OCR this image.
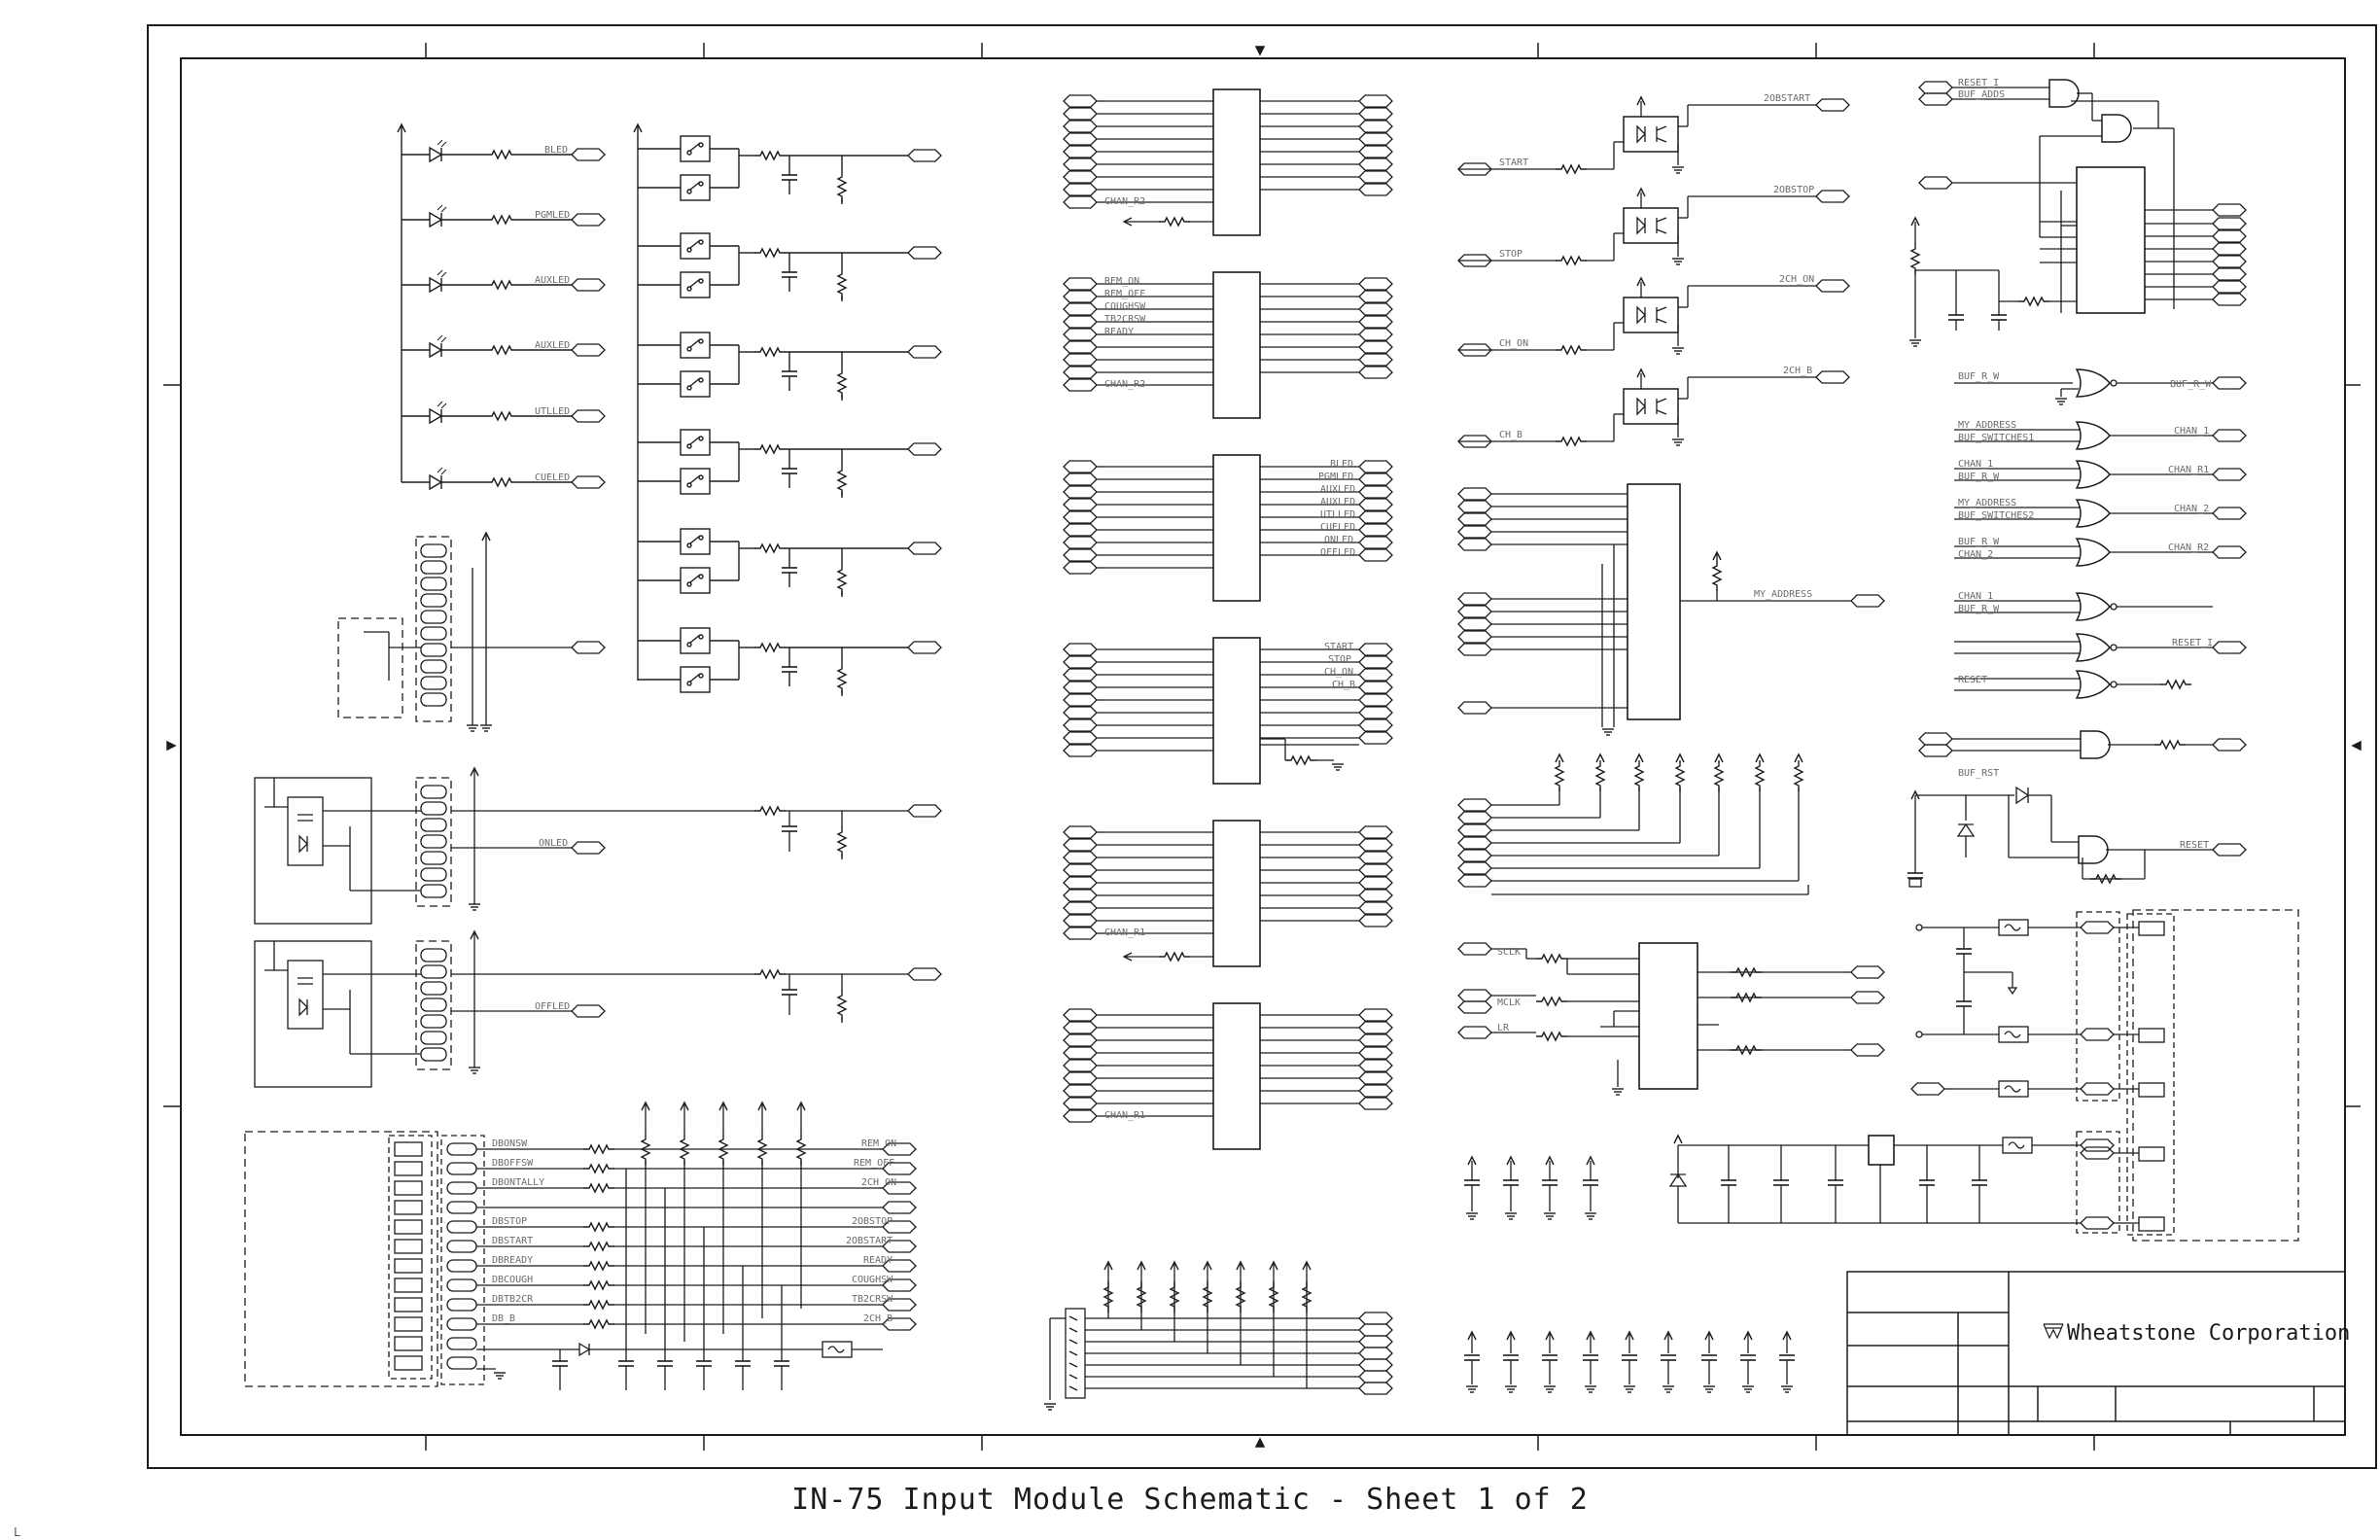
BLED
PGMLED
AUXLED
AUXLED
UTLLED
CUELED
ONLED
OFFLED
DBONSW
DBOFFSW
DBONTALLY
DBSTOP
DBSTART
DBREADY
DBCOUGH
DBTB2CR
DB_B
REM_ON
REM_OFF
2CH_ON
2OBSTOP
2OBSTART
READY
COUGHSW
TB2CRSW
2CH_B
CHAN_R2
REM_ON
REM_OFF
COUGHSW
TB2CRSW
READY
CHAN_R2
BLED
PGMLED
AUXLED
AUXLED
UTLLED
CUELED
ONLED
OFFLED
START
STOP
CH_ON
CH_B
CHAN_R1
CHAN_R1
START
STOP
CH_ON
CH_B
2OBSTART
2OBSTOP
2CH_ON
2CH_B
MY_ADDRESS
SCLK
MCLK
LR
RESET_I
BUF_ADDS
BUF_R_W
BUF_R_W
MY_ADDRESS
BUF_SWITCHES1
CHAN_1
CHAN_1
BUF_R_W
CHAN_R1
MY_ADDRESS
BUF_SWITCHES2
CHAN_2
BUF_R_W
CHAN_2
CHAN_R2
CHAN_1
BUF_R_W
RESET_I
RESET
BUF_RST
RESET
Wheatstone Corporation
IN-75 Input Module Schematic - Sheet 1 of 2
L
